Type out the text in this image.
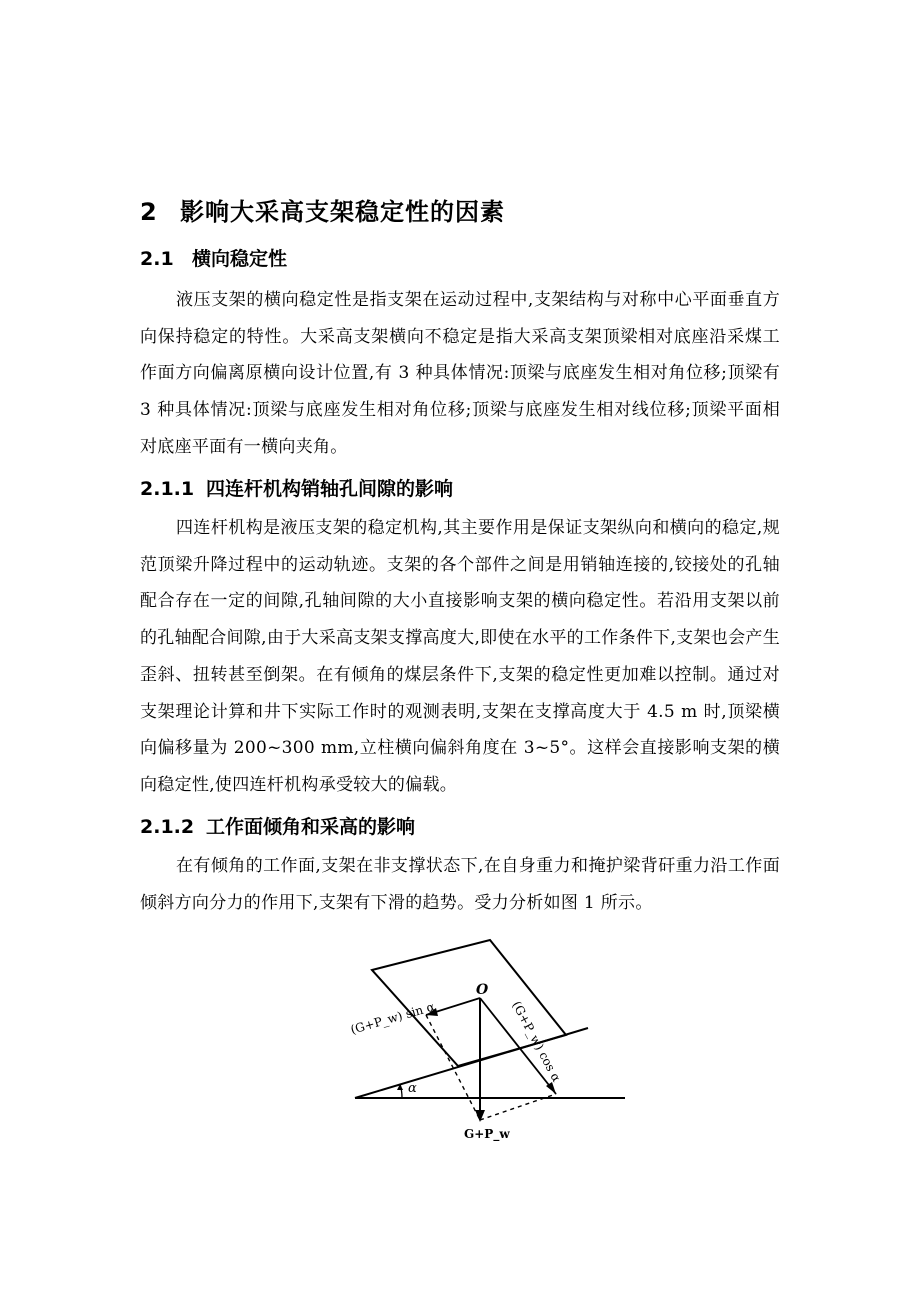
2 影响大采高支架稳定性的因素
2.1 横向稳定性

液压支架的横向稳定性是指支架在运动过程中,支架结构与对称中心平面垂直方向保持稳定的特性。大采高支架横向不稳定是指大采高支架顶梁相对底座沿采煤工作面方向偏离原横向设计位置,有 3 种具体情况:顶梁与底座发生相对角位移;顶梁有 3 种具体情况:顶梁与底座发生相对角位移;顶梁与底座发生相对线位移;顶梁平面相对底座平面有一横向夹角。

2.1.1 四连杆机构销轴孔间隙的影响

四连杆机构是液压支架的稳定机构,其主要作用是保证支架纵向和横向的稳定,规范顶梁升降过程中的运动轨迹。支架的各个部件之间是用销轴连接的,铰接处的孔轴配合存在一定的间隙,孔轴间隙的大小直接影响支架的横向稳定性。若沿用支架以前的孔轴配合间隙,由于大采高支架支撑高度大,即使在水平的工作条件下,支架也会产生歪斜、扭转甚至倒架。在有倾角的煤层条件下,支架的稳定性更加难以控制。通过对支架理论计算和井下实际工作时的观测表明,支架在支撑高度大于 4.5 m 时,顶梁横向偏移量为 200~300 mm,立柱横向偏斜角度在 3~5°。这样会直接影响支架的横向稳定性,使四连杆机构承受较大的偏载。

2.1.2 工作面倾角和采高的影响

在有倾角的工作面,支架在非支撑状态下,在自身重力和掩护梁背矸重力沿工作面倾斜方向分力的作用下,支架有下滑的趋势。受力分析如图 1 所示。

O
α
(G+P_w) sin α	(G+P_w) cos α
G+P_w
